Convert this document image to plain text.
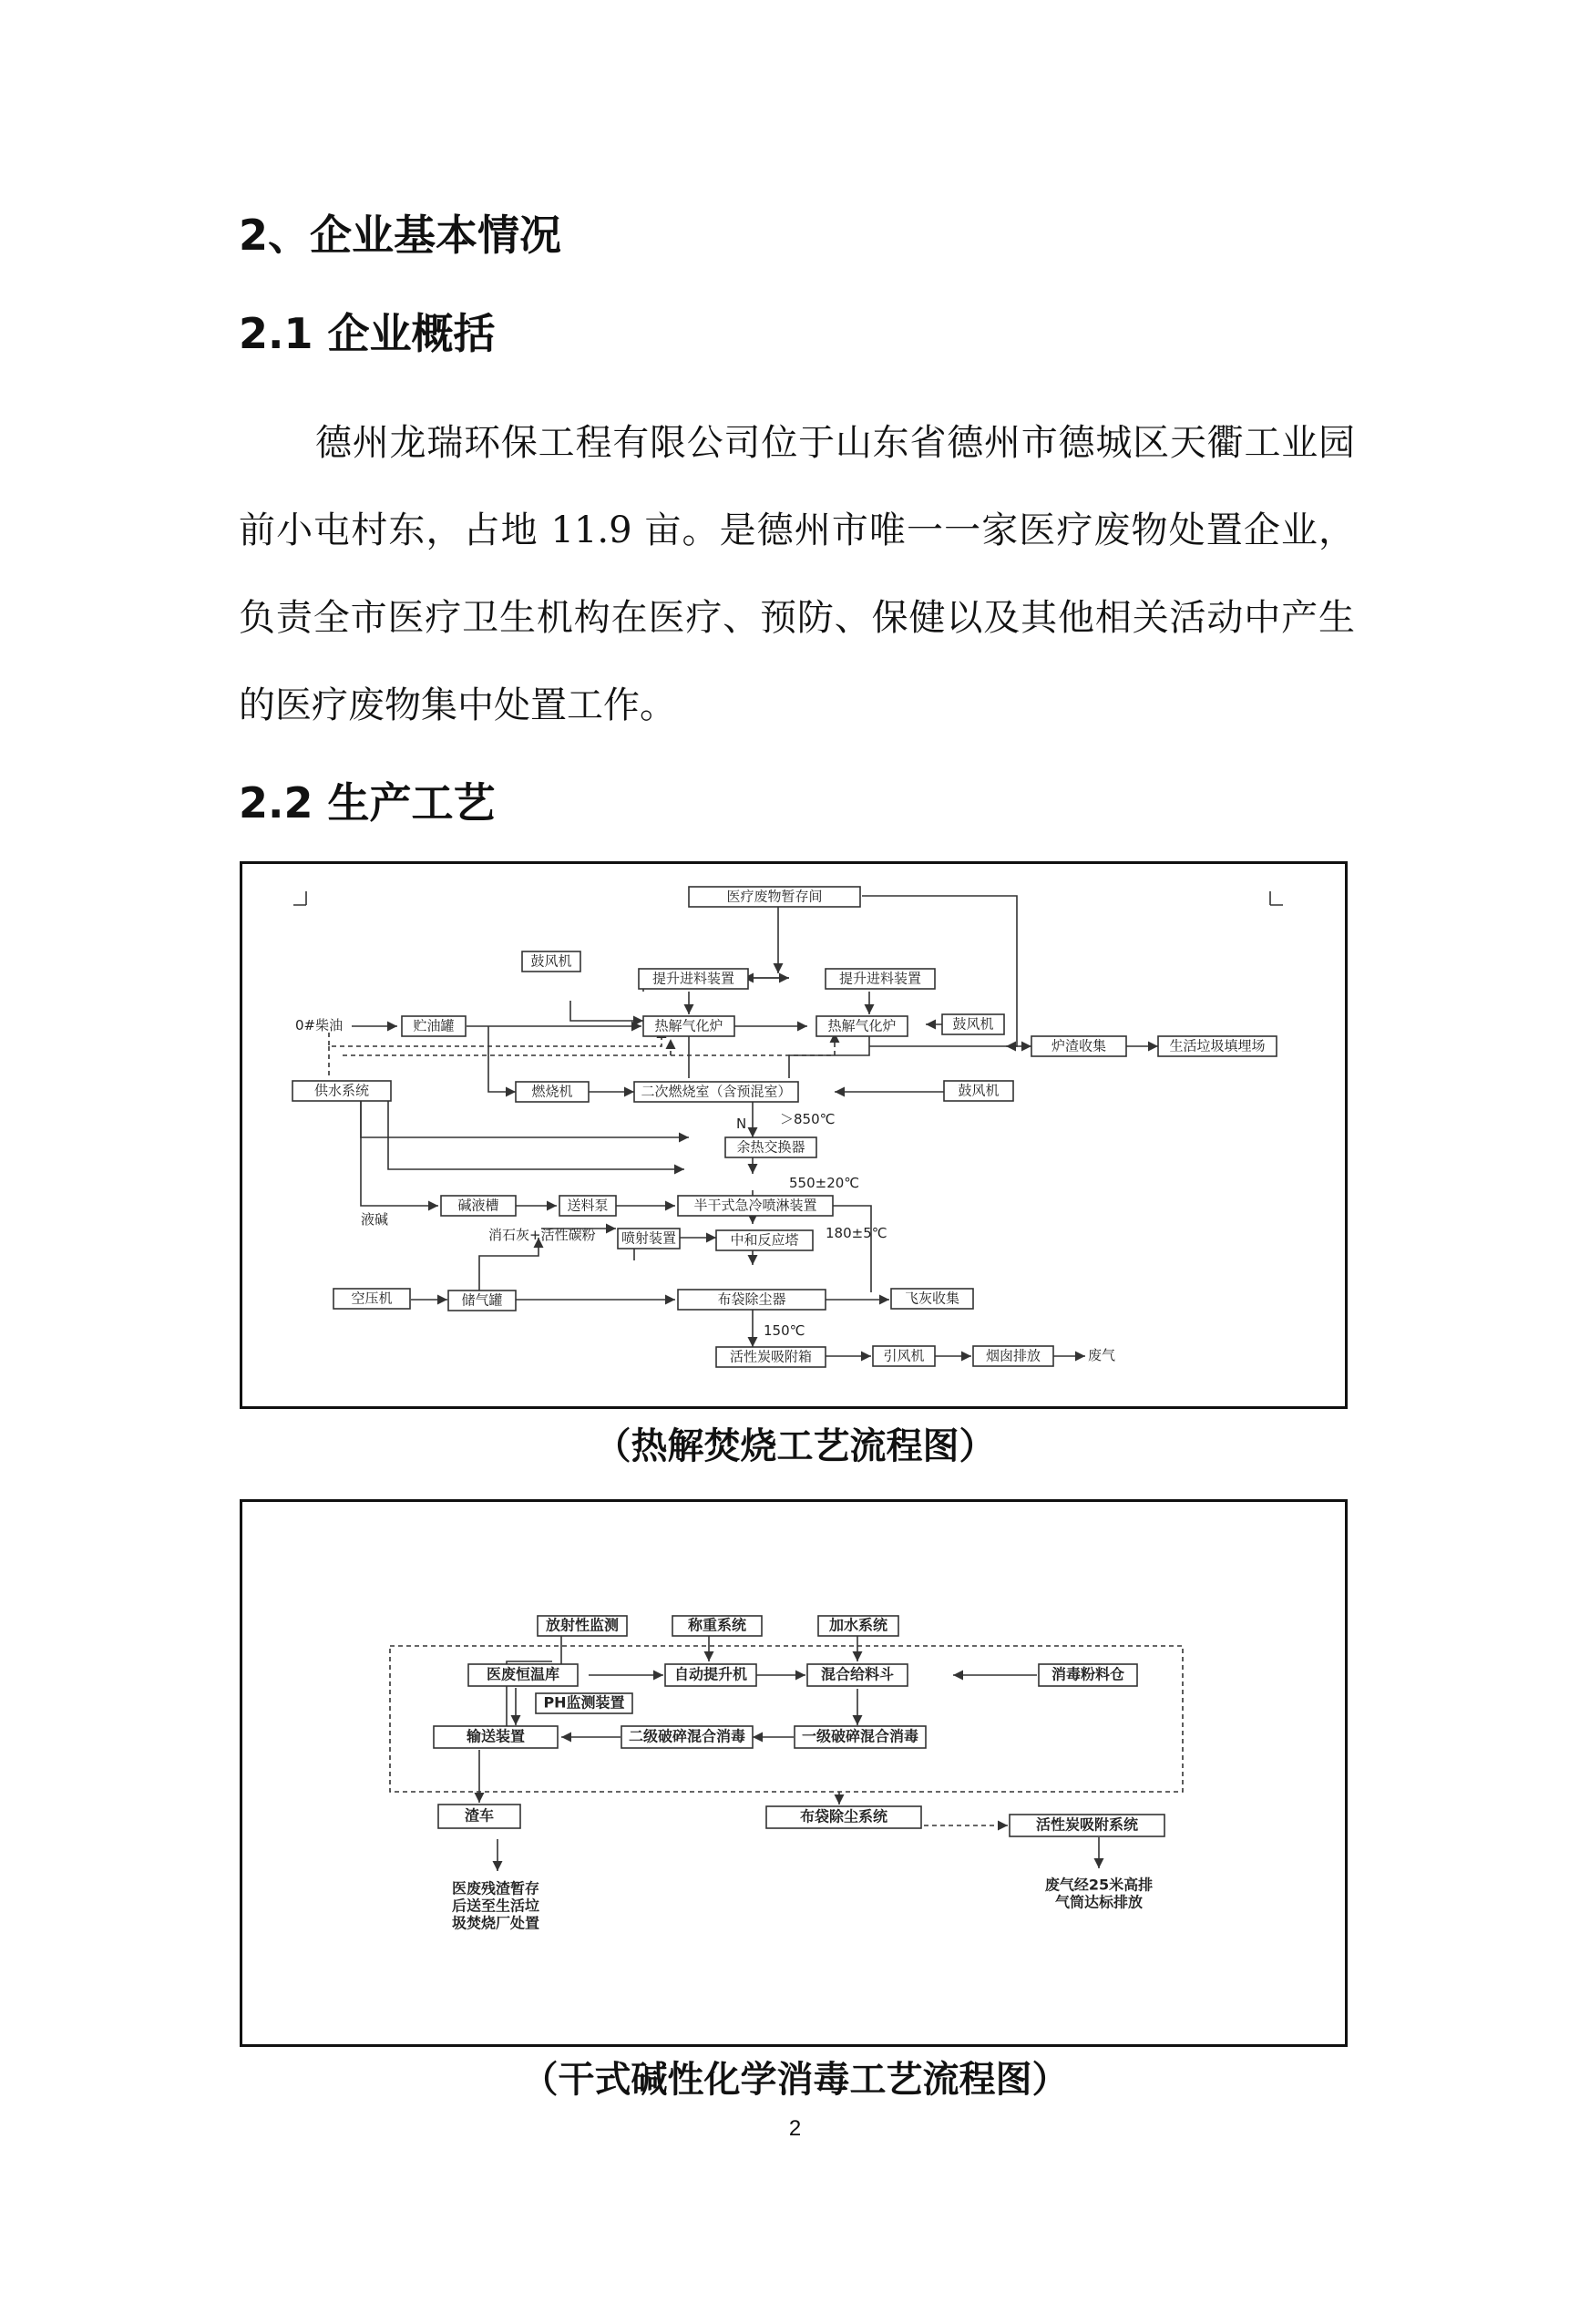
2、企业基本情况
2.1 企业概括
德州龙瑞环保工程有限公司位于山东省德州市德城区天衢工业园前小屯村东，占地 11.9 亩。是德州市唯一一家医疗废物处置企业，负责全市医疗卫生机构在医疗、预防、保健以及其他相关活动中产生的医疗废物集中处置工作。
2.2 生产工艺
医疗废物暂存间
鼓风机
提升进料装置	提升进料装置
0#柴油	贮油罐	热解气化炉	热解气化炉	鼓风机
炉渣收集	生活垃圾填埋场
供水系统	燃烧机	二次燃烧室（含预混室）	鼓风机
N ＞850℃
余热交换器
550±20℃
碱液槽	送料泵	半干式急冷喷淋装置
液碱
消石灰+活性碳粉 喷射装置	180±5℃
中和反应塔
空压机	储气罐	布袋除尘器	飞灰收集
150℃
活性炭吸附箱	引风机	烟囱排放	废气
（热解焚烧工艺流程图）
放射性监测	称重系统	加水系统
医废恒温库	自动提升机	混合给料斗	消毒粉料仓
PH监测装置
输送装置	二级破碎混合消毒	一级破碎混合消毒
渣车	布袋除尘系统	活性炭吸附系统
医废残渣暂存
后送至生活垃
圾焚烧厂处置
废气经25米高排
气筒达标排放
（干式碱性化学消毒工艺流程图）
2
